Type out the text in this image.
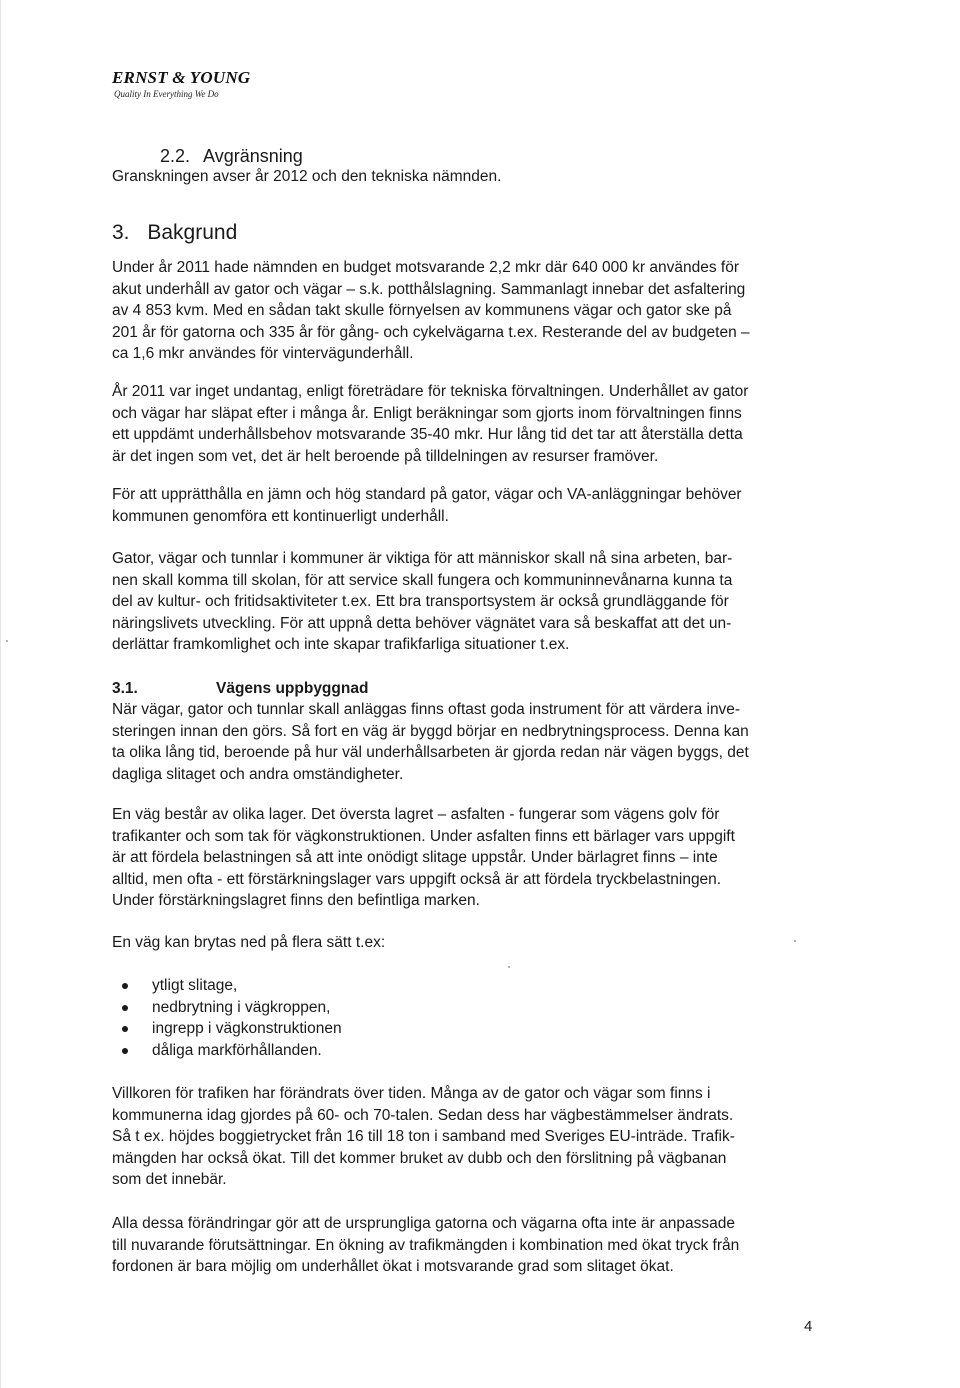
ERNST & YOUNG
Quality In Everything We Do
2.2. Avgränsning
Granskningen avser år 2012 och den tekniska nämnden.
3. Bakgrund
Under år 2011 hade nämnden en budget motsvarande 2,2 mkr där 640 000 kr användes för
akut underhåll av gator och vägar – s.k. potthålslagning. Sammanlagt innebar det asfaltering
av 4 853 kvm. Med en sådan takt skulle förnyelsen av kommunens vägar och gator ske på
201 år för gatorna och 335 år för gång- och cykelvägarna t.ex. Resterande del av budgeten –
ca 1,6 mkr användes för vintervägunderhåll.
År 2011 var inget undantag, enligt företrädare för tekniska förvaltningen. Underhållet av gator
och vägar har släpat efter i många år. Enligt beräkningar som gjorts inom förvaltningen finns
ett uppdämt underhållsbehov motsvarande 35-40 mkr. Hur lång tid det tar att återställa detta
är det ingen som vet, det är helt beroende på tilldelningen av resurser framöver.
För att upprätthålla en jämn och hög standard på gator, vägar och VA-anläggningar behöver
kommunen genomföra ett kontinuerligt underhåll.
Gator, vägar och tunnlar i kommuner är viktiga för att människor skall nå sina arbeten, bar-
nen skall komma till skolan, för att service skall fungera och kommuninnevånarna kunna ta
del av kultur- och fritidsaktiviteter t.ex. Ett bra transportsystem är också grundläggande för
näringslivets utveckling. För att uppnå detta behöver vägnätet vara så beskaffat att det un-
derlättar framkomlighet och inte skapar trafikfarliga situationer t.ex.
3.1.	Vägens uppbyggnad
När vägar, gator och tunnlar skall anläggas finns oftast goda instrument för att värdera inve-
steringen innan den görs. Så fort en väg är byggd börjar en nedbrytningsprocess. Denna kan
ta olika lång tid, beroende på hur väl underhållsarbeten är gjorda redan när vägen byggs, det
dagliga slitaget och andra omständigheter.
En väg består av olika lager. Det översta lagret – asfalten - fungerar som vägens golv för
trafikanter och som tak för vägkonstruktionen. Under asfalten finns ett bärlager vars uppgift
är att fördela belastningen så att inte onödigt slitage uppstår. Under bärlagret finns – inte
alltid, men ofta - ett förstärkningslager vars uppgift också är att fördela tryckbelastningen.
Under förstärkningslagret finns den befintliga marken.
En väg kan brytas ned på flera sätt t.ex:
ytligt slitage,
nedbrytning i vägkroppen,
ingrepp i vägkonstruktionen
dåliga markförhållanden.
Villkoren för trafiken har förändrats över tiden. Många av de gator och vägar som finns i
kommunerna idag gjordes på 60- och 70-talen. Sedan dess har vägbestämmelser ändrats.
Så t ex. höjdes boggietrycket från 16 till 18 ton i samband med Sveriges EU-inträde. Trafik-
mängden har också ökat. Till det kommer bruket av dubb och den förslitning på vägbanan
som det innebär.
Alla dessa förändringar gör att de ursprungliga gatorna och vägarna ofta inte är anpassade
till nuvarande förutsättningar. En ökning av trafikmängden i kombination med ökat tryck från
fordonen är bara möjlig om underhållet ökat i motsvarande grad som slitaget ökat.
4
